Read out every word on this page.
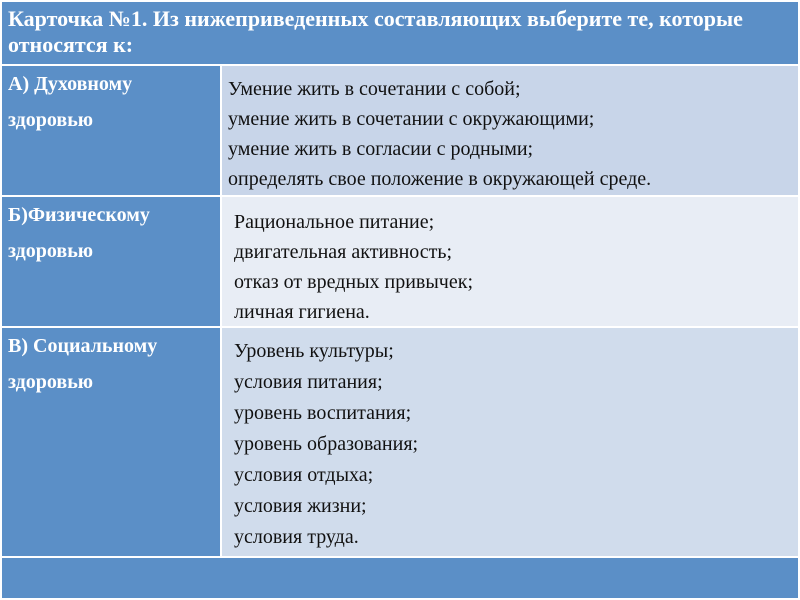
Карточка №1. Из нижеприведенных составляющих выберите те, которые относятся к:
А) Духовному
здоровью
Умение жить в сочетании с собой;
умение жить в сочетании с окружающими;
умение жить в согласии с родными;
определять свое положение в окружающей среде.
Б)Физическому
здоровью
Рациональное питание;
двигательная активность;
отказ от вредных привычек;
личная гигиена.
В) Социальному
здоровью
Уровень культуры;
условия питания;
уровень воспитания;
уровень образования;
условия отдыха;
условия жизни;
условия труда.
